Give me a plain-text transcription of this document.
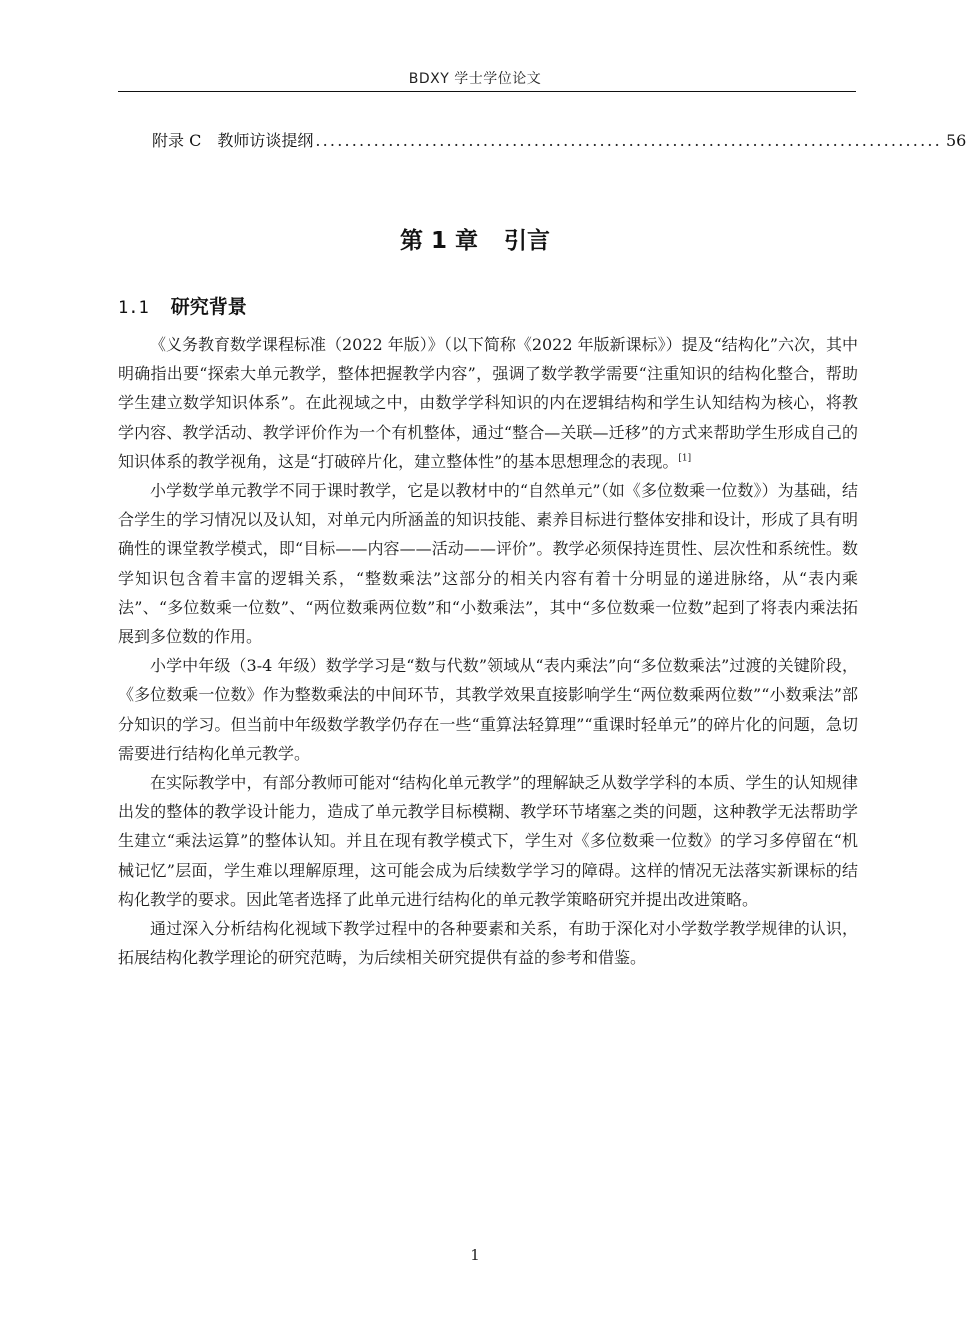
BDXY 学士学位论文
附录 C　教师访谈提纲 ...................................................................................... 56
第 1 章 引言
1.1 研究背景

《义务教育数学课程标准（2022 年版）》（以下简称《2022 年版新课标》）提及“结构化”六次，其中明确指出要“探索大单元教学，整体把握教学内容”，强调了数学教学需要“注重知识的结构化整合，帮助学生建立数学知识体系”。在此视域之中，由数学学科知识的内在逻辑结构和学生认知结构为核心，将教学内容、教学活动、教学评价作为一个有机整体，通过“整合—关联—迁移”的方式来帮助学生形成自己的知识体系的教学视角，这是“打破碎片化，建立整体性”的基本思想理念的表现。[1]

小学数学单元教学不同于课时教学，它是以教材中的“自然单元”（如《多位数乘一位数》）为基础，结合学生的学习情况以及认知，对单元内所涵盖的知识技能、素养目标进行整体安排和设计，形成了具有明确性的课堂教学模式，即“目标——内容——活动——评价”。教学必须保持连贯性、层次性和系统性。数学知识包含着丰富的逻辑关系，“整数乘法”这部分的相关内容有着十分明显的递进脉络，从“表内乘法”、“多位数乘一位数”、“两位数乘两位数”和“小数乘法”，其中“多位数乘一位数”起到了将表内乘法拓展到多位数的作用。

小学中年级（3-4 年级）数学学习是“数与代数”领域从“表内乘法”向“多位数乘法”过渡的关键阶段，《多位数乘一位数》作为整数乘法的中间环节，其教学效果直接影响学生“两位数乘两位数”“小数乘法”部分知识的学习。但当前中年级数学教学仍存在一些“重算法轻算理”“重课时轻单元”的碎片化的问题，急切需要进行结构化单元教学。

在实际教学中，有部分教师可能对“结构化单元教学”的理解缺乏从数学学科的本质、学生的认知规律出发的整体的教学设计能力，造成了单元教学目标模糊、教学环节堵塞之类的问题，这种教学无法帮助学生建立“乘法运算”的整体认知。并且在现有教学模式下，学生对《多位数乘一位数》的学习多停留在“机械记忆”层面，学生难以理解原理，这可能会成为后续数学学习的障碍。这样的情况无法落实新课标的结构化教学的要求。因此笔者选择了此单元进行结构化的单元教学策略研究并提出改进策略。

通过深入分析结构化视域下教学过程中的各种要素和关系，有助于深化对小学数学教学规律的认识，拓展结构化教学理论的研究范畴，为后续相关研究提供有益的参考和借鉴。

1
